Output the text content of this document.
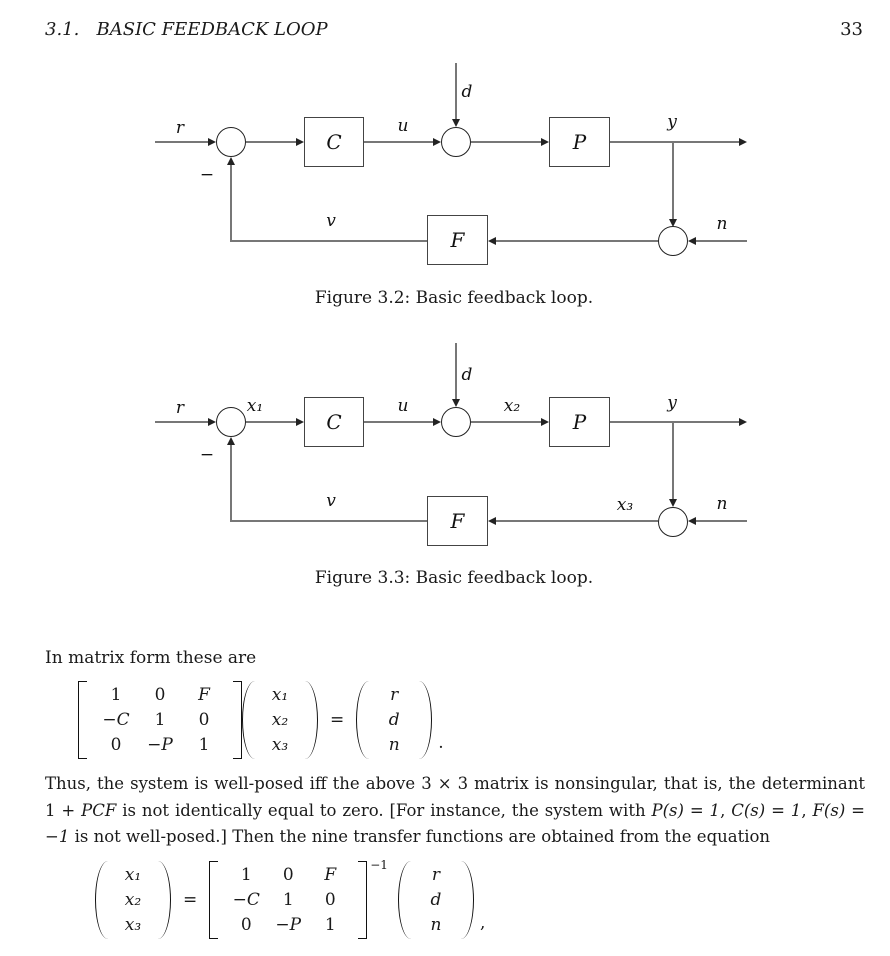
3.1.   BASIC FEEDBACK LOOP	33
C	P
F
r	u
d
y
n
v
−
Figure 3.2: Basic feedback loop.
C	P
F
r	x₁	u
d
x₂	y
x₃	n
v
−
Figure 3.3: Basic feedback loop.
In matrix form these are
1	0	F
−C	1	0
0	−P	1
x₁
x₂
x₃
=
r
d
n	.
Thus, the system is well-posed iff the above 3 × 3 matrix is nonsingular, that is, the determinant 1 + PCF is not identically equal to zero. [For instance, the system with P(s) = 1, C(s) = 1, F(s) = −1 is not well-posed.] Then the nine transfer functions are obtained from the equation
x₁
x₂
x₃
=
1	0	F
−C	1	0
0	−P	1
−1	r
d
n	,
